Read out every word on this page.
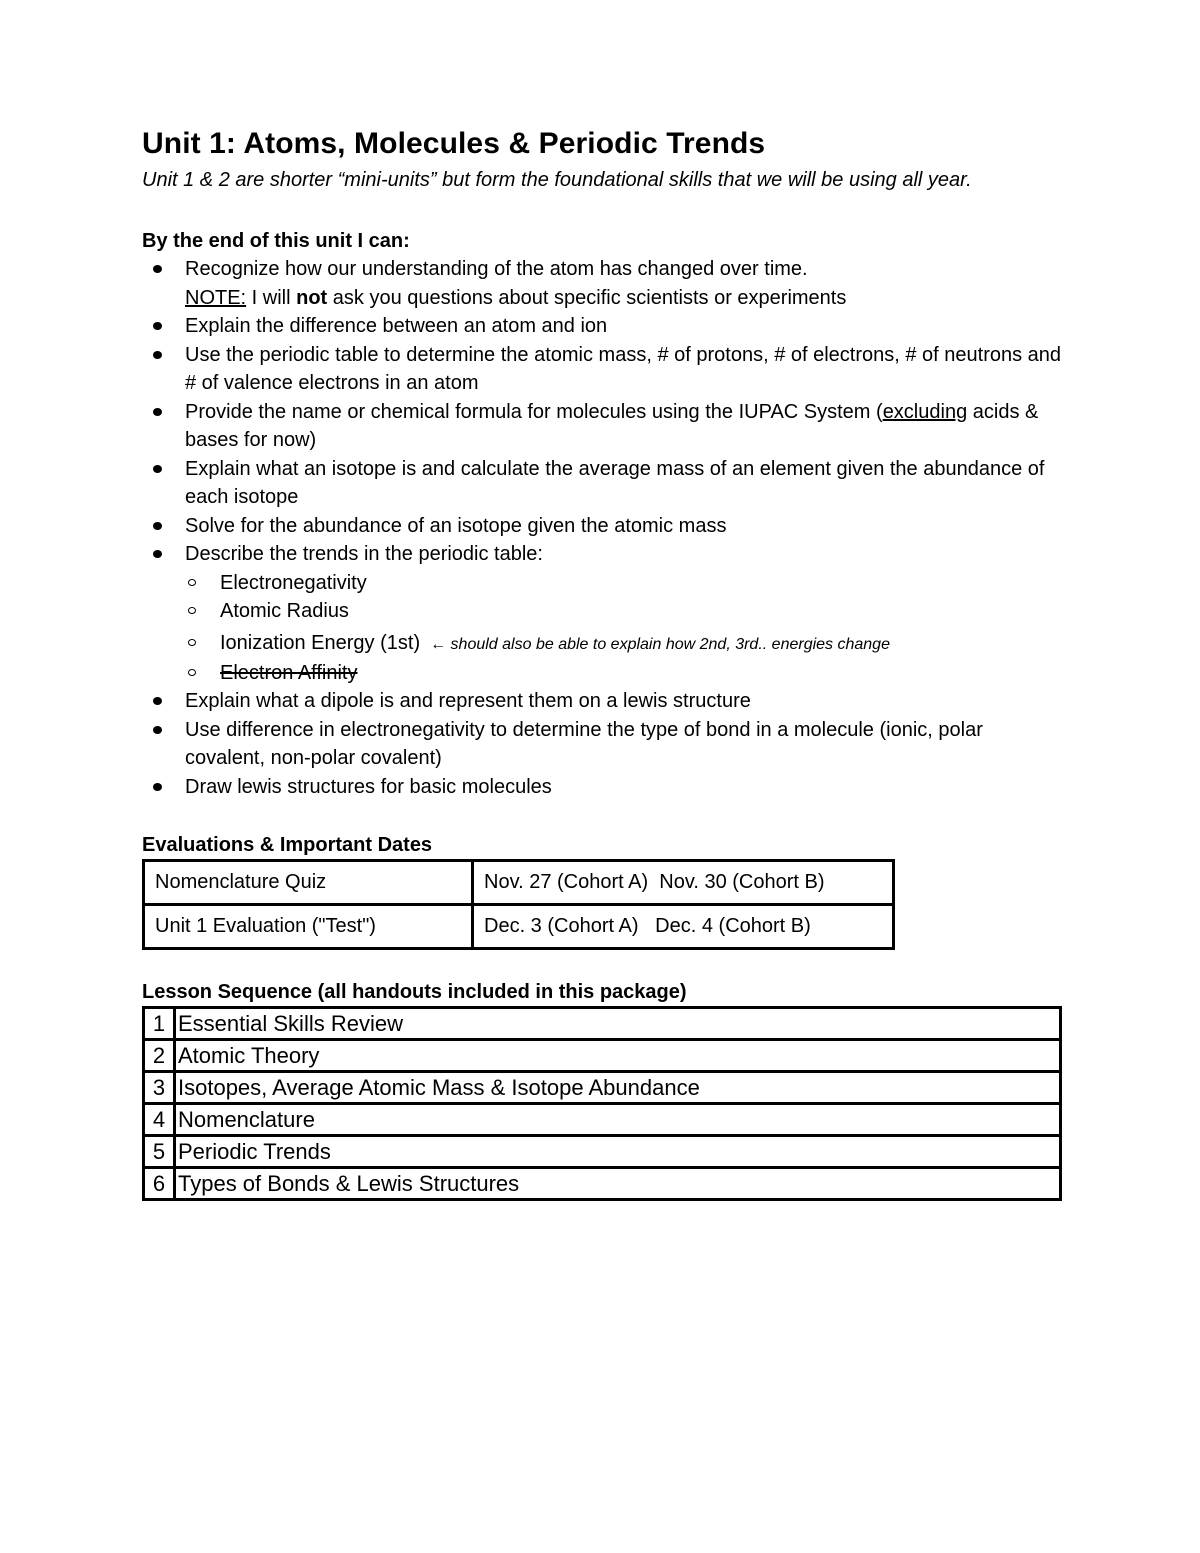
Unit 1: Atoms, Molecules & Periodic Trends
Unit 1 & 2 are shorter “mini-units” but form the foundational skills that we will be using all year.
By the end of this unit I can:
Recognize how our understanding of the atom has changed over time.
NOTE: I will not ask you questions about specific scientists or experiments
Explain the difference between an atom and ion
Use the periodic table to determine the atomic mass, # of protons, # of electrons, # of neutrons and # of valence electrons in an atom
Provide the name or chemical formula for molecules using the IUPAC System (excluding acids & bases for now)
Explain what an isotope is and calculate the average mass of an element given the abundance of each isotope
Solve for the abundance of an isotope given the atomic mass
Describe the trends in the periodic table:
Electronegativity
Atomic Radius
Ionization Energy (1st) ← should also be able to explain how 2nd, 3rd.. energies change
Electron Affinity
Explain what a dipole is and represent them on a lewis structure
Use difference in electronegativity to determine the type of bond in a molecule (ionic, polar covalent, non-polar covalent)
Draw lewis structures for basic molecules
Evaluations & Important Dates
Nomenclature Quiz	Nov. 27 (Cohort A)  Nov. 30 (Cohort B)
Unit 1 Evaluation ("Test")	Dec. 3 (Cohort A)   Dec. 4 (Cohort B)
Lesson Sequence (all handouts included in this package)
1	Essential Skills Review
2	Atomic Theory
3	Isotopes, Average Atomic Mass & Isotope Abundance
4	Nomenclature
5	Periodic Trends
6	Types of Bonds & Lewis Structures
